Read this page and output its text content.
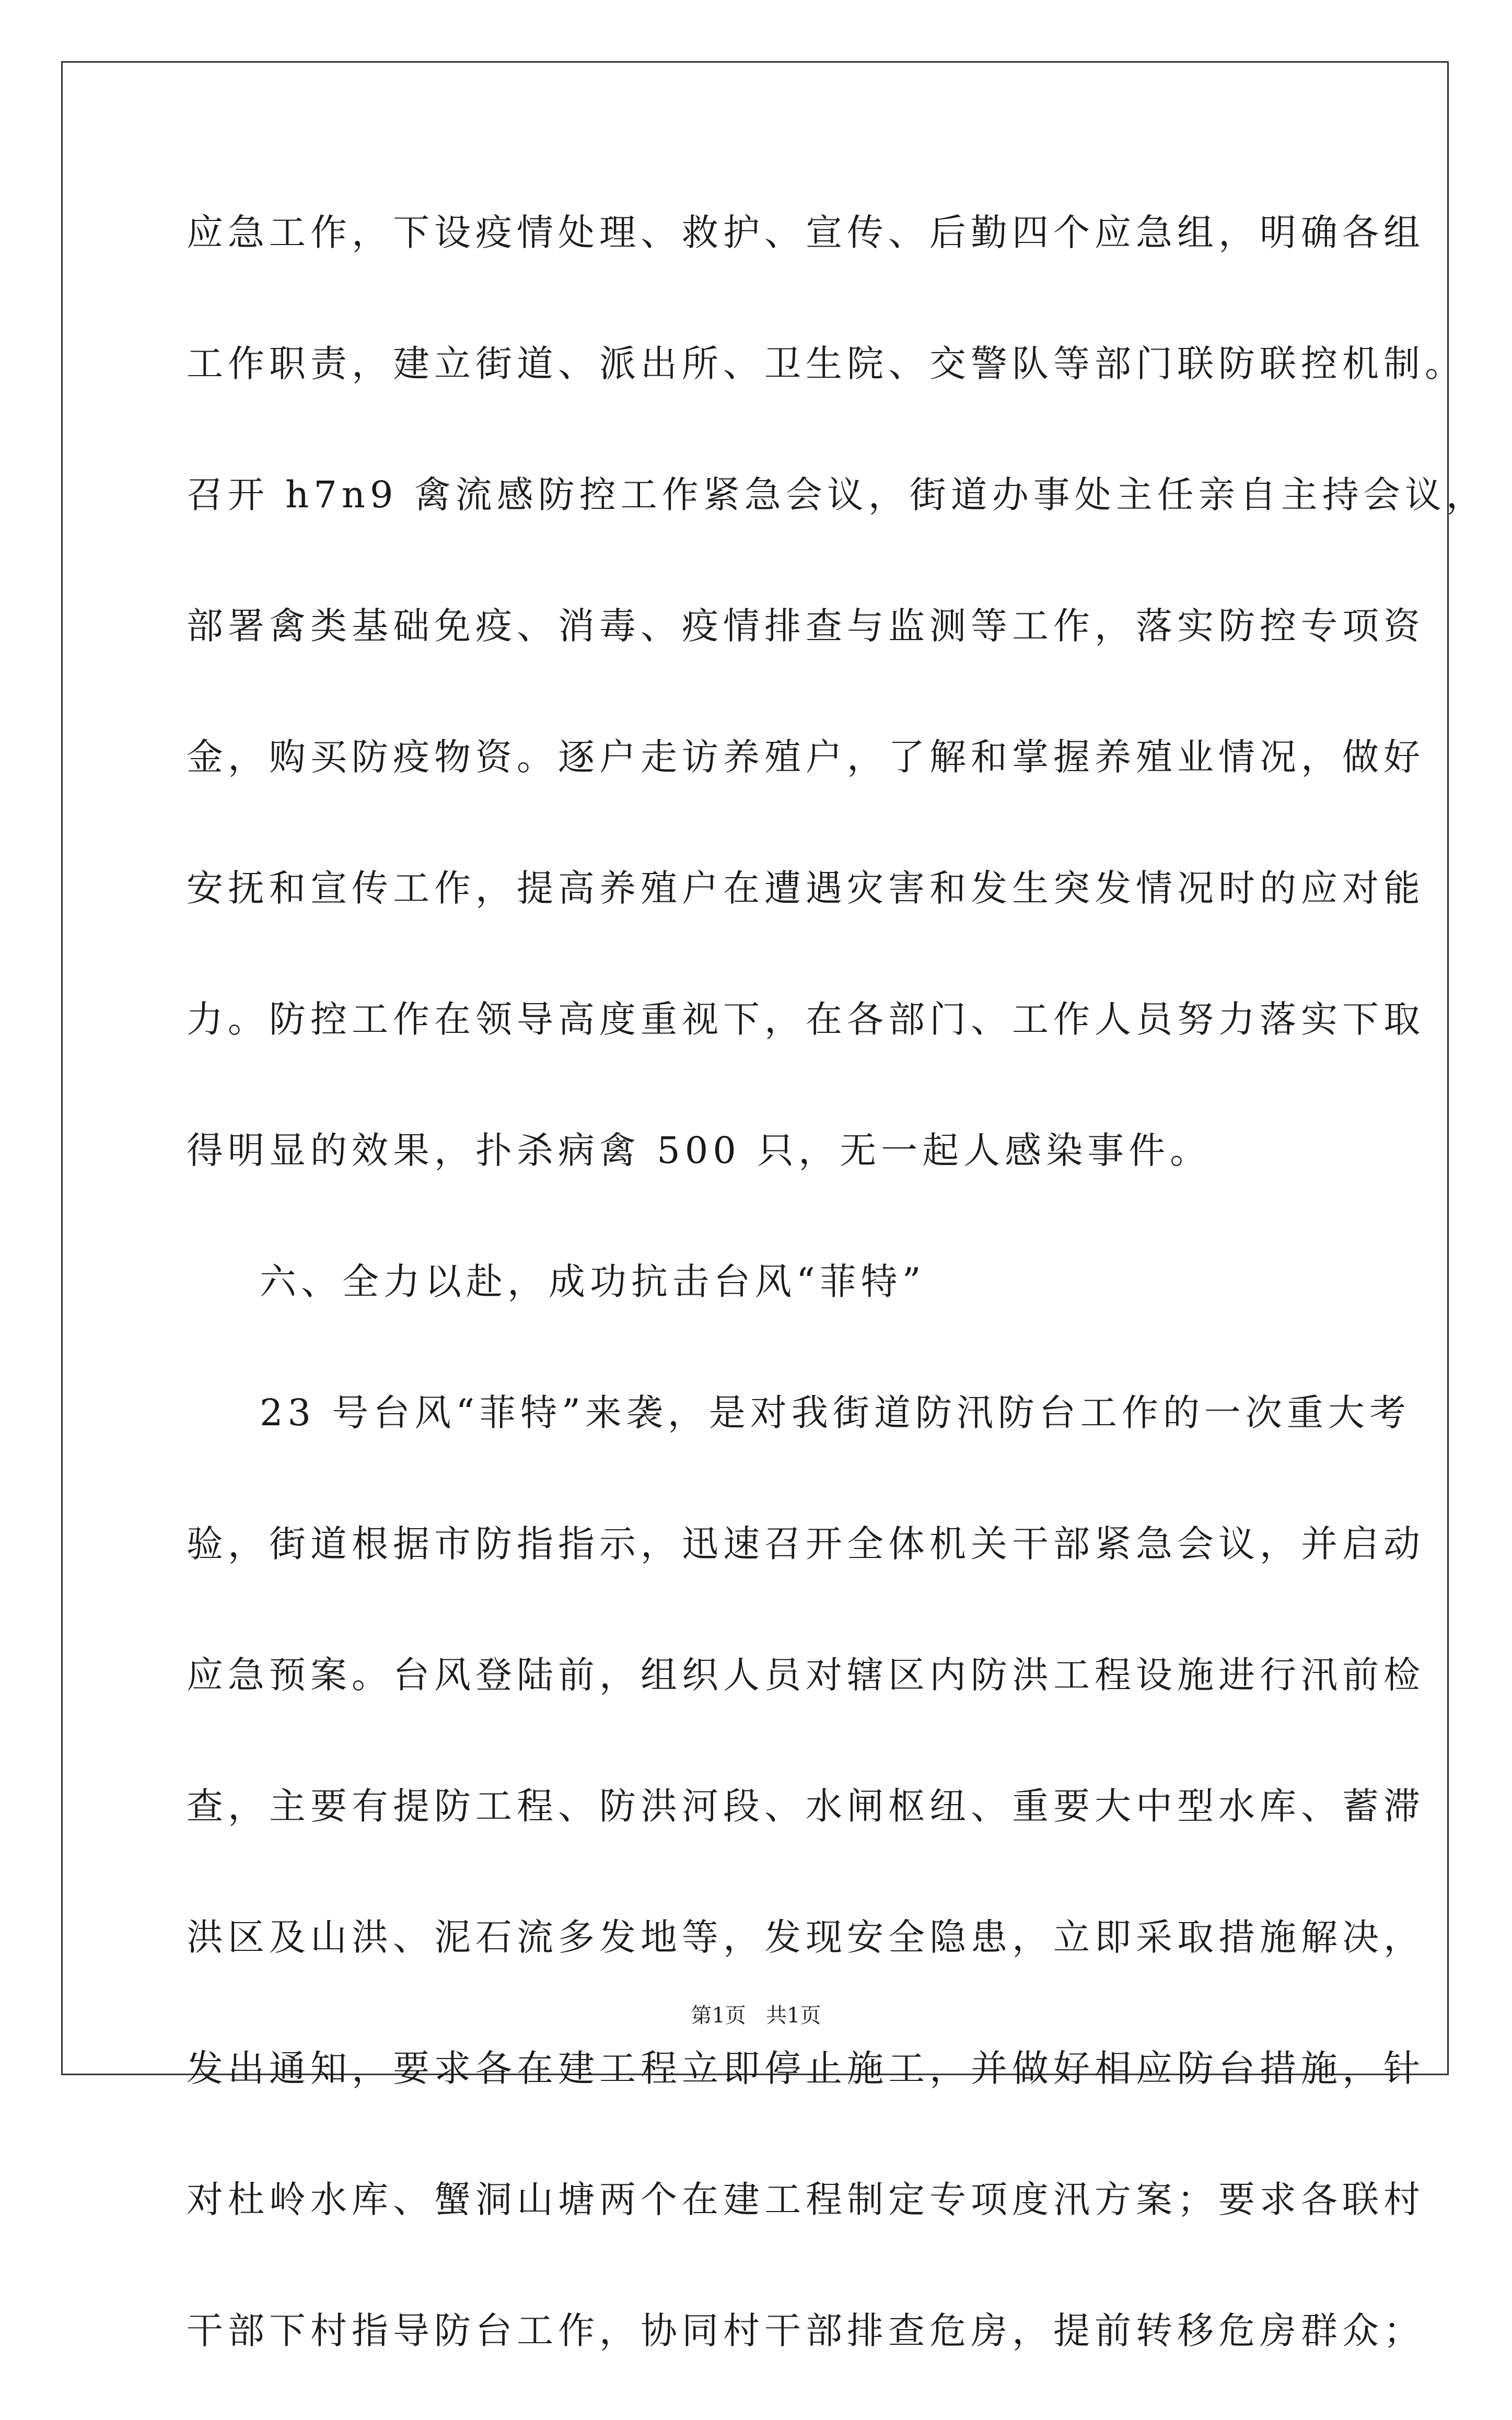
应急工作，下设疫情处理、救护、宣传、后勤四个应急组，明确各组
工作职责，建立街道、派出所、卫生院、交警队等部门联防联控机制。
召开 h7n9 禽流感防控工作紧急会议，街道办事处主任亲自主持会议，
部署禽类基础免疫、消毒、疫情排查与监测等工作，落实防控专项资
金，购买防疫物资。逐户走访养殖户，了解和掌握养殖业情况，做好
安抚和宣传工作，提高养殖户在遭遇灾害和发生突发情况时的应对能
力。防控工作在领导高度重视下，在各部门、工作人员努力落实下取
得明显的效果，扑杀病禽 500 只，无一起人感染事件。
六、全力以赴，成功抗击台风“菲特”
23 号台风“菲特”来袭，是对我街道防汛防台工作的一次重大考
验，街道根据市防指指示，迅速召开全体机关干部紧急会议，并启动
应急预案。台风登陆前，组织人员对辖区内防洪工程设施进行汛前检
查，主要有提防工程、防洪河段、水闸枢纽、重要大中型水库、蓄滞
洪区及山洪、泥石流多发地等，发现安全隐患，立即采取措施解决，
发出通知，要求各在建工程立即停止施工，并做好相应防台措施，针
对杜岭水库、蟹洞山塘两个在建工程制定专项度汛方案；要求各联村
干部下村指导防台工作，协同村干部排查危房，提前转移危房群众；
第1页   共1页
